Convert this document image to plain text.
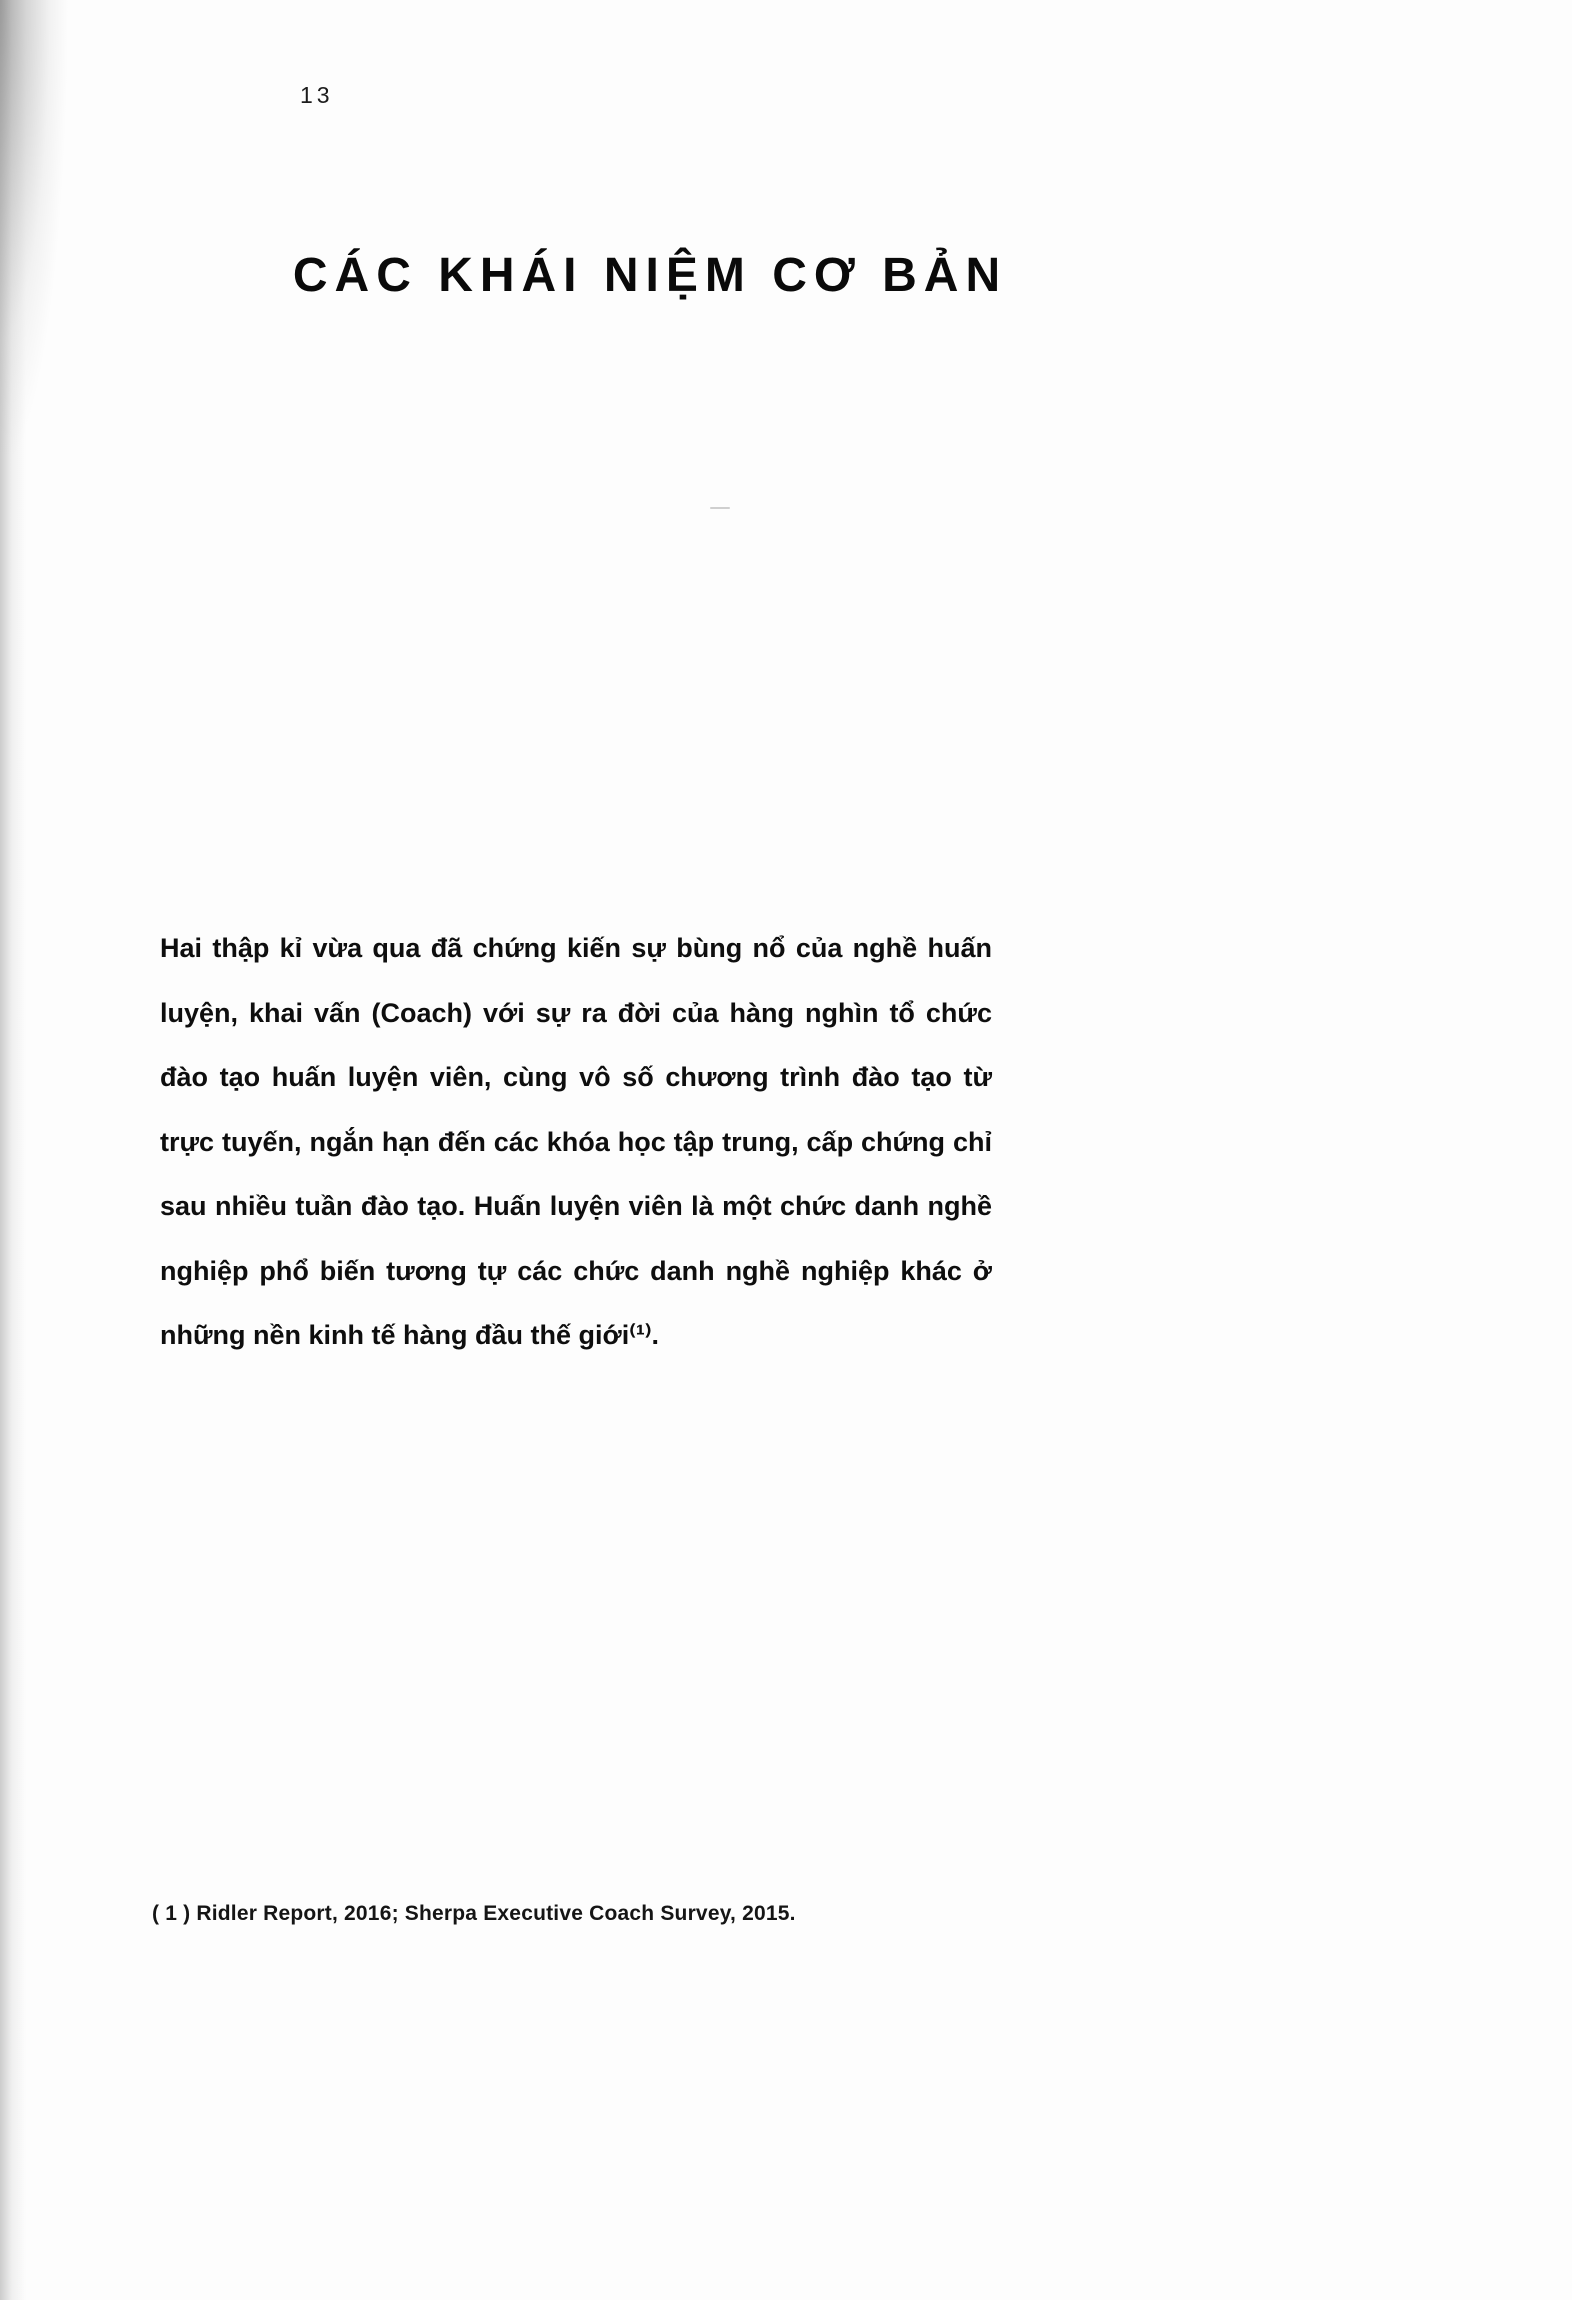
13
CÁC KHÁI NIỆM CƠ BẢN
Hai thập kỉ vừa qua đã chứng kiến sự bùng nổ của nghề huấn
luyện, khai vấn (Coach) với sự ra đời của hàng nghìn tổ chức
đào tạo huấn luyện viên, cùng vô số chương trình đào tạo từ
trực tuyến, ngắn hạn đến các khóa học tập trung, cấp chứng chỉ
sau nhiều tuần đào tạo. Huấn luyện viên là một chức danh nghề
nghiệp phổ biến tương tự các chức danh nghề nghiệp khác ở
những nền kinh tế hàng đầu thế giới⁽¹⁾.
( 1 ) Ridler Report, 2016; Sherpa Executive Coach Survey, 2015.
